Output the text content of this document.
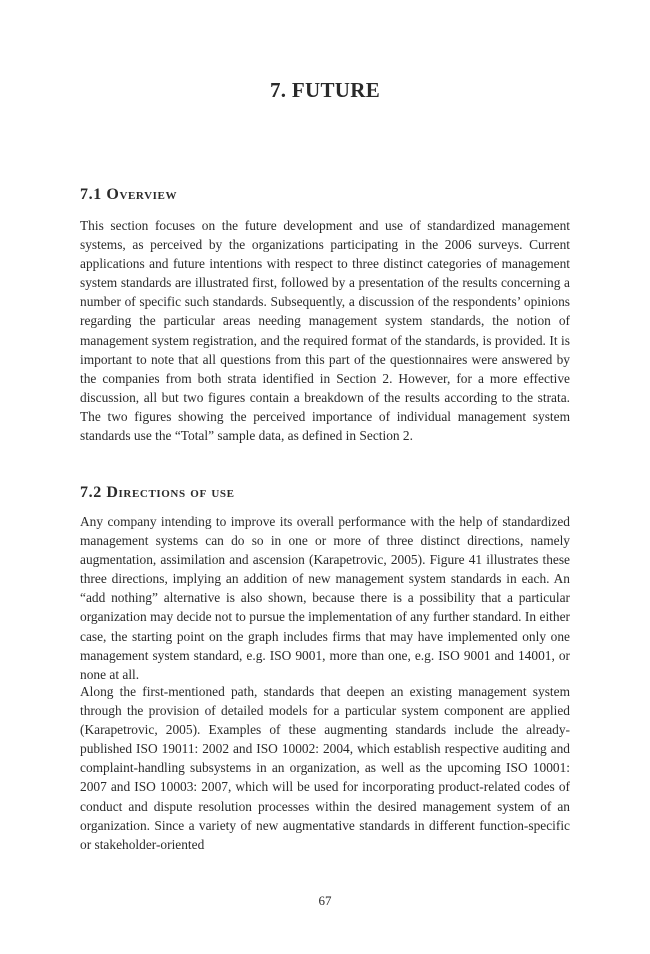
7. FUTURE
7.1 Overview

This section focuses on the future development and use of standardized management systems, as perceived by the organizations participating in the 2006 surveys. Current applications and future intentions with respect to three distinct categories of management system standards are illustrated first, followed by a presentation of the results concerning a number of specific such standards. Subsequently, a discussion of the respondents’ opinions regarding the particular areas needing management system standards, the notion of management system registration, and the required format of the standards, is provided. It is important to note that all questions from this part of the questionnaires were answered by the companies from both strata identified in Section 2. However, for a more effective discussion, all but two figures contain a breakdown of the results according to the strata. The two figures showing the perceived importance of individual management system standards use the “Total” sample data, as defined in Section 2.

7.2 Directions of use

Any company intending to improve its overall performance with the help of standardized management systems can do so in one or more of three distinct directions, namely augmentation, assimilation and ascension (Karapetrovic, 2005). Figure 41 illustrates these three directions, implying an addition of new management system standards in each. An “add nothing” alternative is also shown, because there is a possibility that a particular organization may decide not to pursue the implementation of any further standard. In either case, the starting point on the graph includes firms that may have implemented only one management system standard, e.g. ISO 9001, more than one, e.g. ISO 9001 and 14001, or none at all.

Along the first-mentioned path, standards that deepen an existing management system through the provision of detailed models for a particular system component are applied (Karapetrovic, 2005). Examples of these augmenting standards include the already-published ISO 19011: 2002 and ISO 10002: 2004, which establish respective auditing and complaint-handling subsystems in an organization, as well as the upcoming ISO 10001: 2007 and ISO 10003: 2007, which will be used for incorporating product-related codes of conduct and dispute resolution processes within the desired management system of an organization. Since a variety of new augmentative standards in different function-specific or stakeholder-oriented

67
